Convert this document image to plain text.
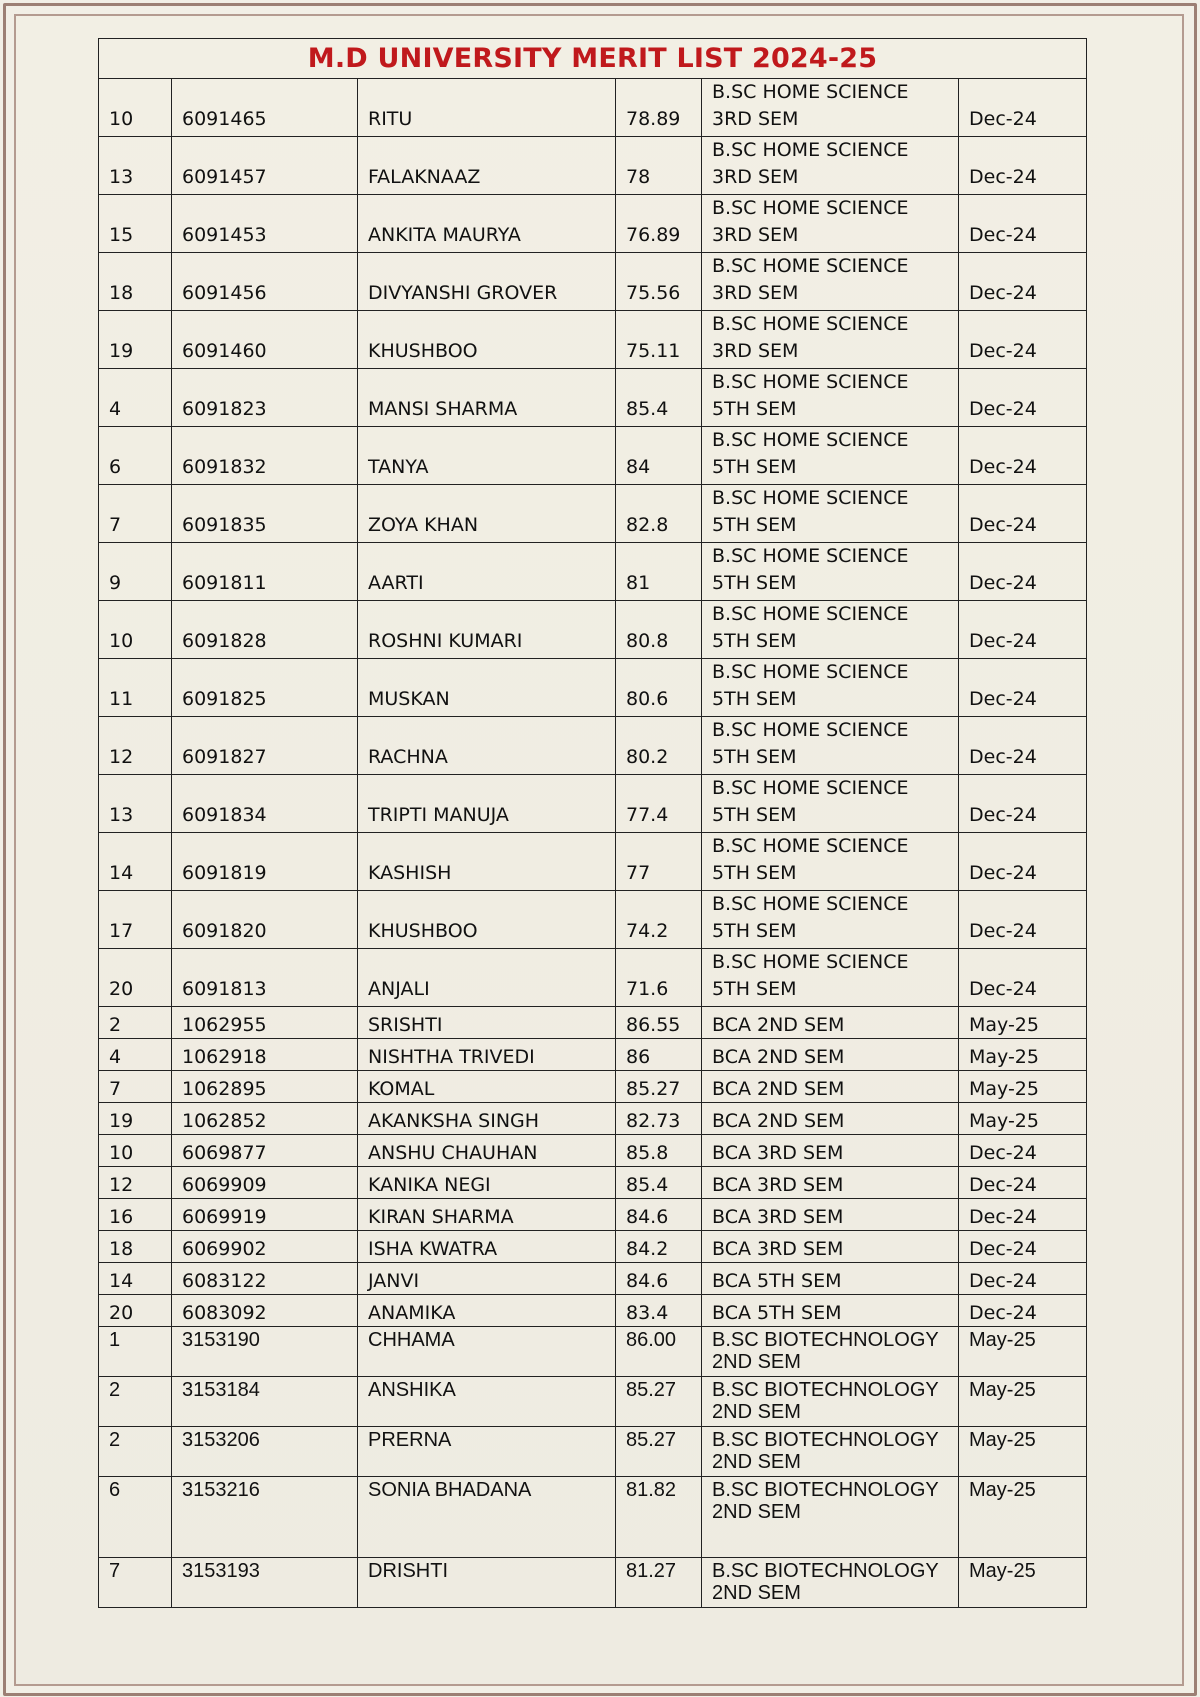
M.D UNIVERSITY MERIT LIST 2024-25					
10	6091465	RITU	78.89	B.SC HOME SCIENCE 3RD SEM	Dec-24
13	6091457	FALAKNAAZ	78	B.SC HOME SCIENCE 3RD SEM	Dec-24
15	6091453	ANKITA MAURYA	76.89	B.SC HOME SCIENCE 3RD SEM	Dec-24
18	6091456	DIVYANSHI GROVER	75.56	B.SC HOME SCIENCE 3RD SEM	Dec-24
19	6091460	KHUSHBOO	75.11	B.SC HOME SCIENCE 3RD SEM	Dec-24
4	6091823	MANSI SHARMA	85.4	B.SC HOME SCIENCE 5TH SEM	Dec-24
6	6091832	TANYA	84	B.SC HOME SCIENCE 5TH SEM	Dec-24
7	6091835	ZOYA KHAN	82.8	B.SC HOME SCIENCE 5TH SEM	Dec-24
9	6091811	AARTI	81	B.SC HOME SCIENCE 5TH SEM	Dec-24
10	6091828	ROSHNI KUMARI	80.8	B.SC HOME SCIENCE 5TH SEM	Dec-24
11	6091825	MUSKAN	80.6	B.SC HOME SCIENCE 5TH SEM	Dec-24
12	6091827	RACHNA	80.2	B.SC HOME SCIENCE 5TH SEM	Dec-24
13	6091834	TRIPTI MANUJA	77.4	B.SC HOME SCIENCE 5TH SEM	Dec-24
14	6091819	KASHISH	77	B.SC HOME SCIENCE 5TH SEM	Dec-24
17	6091820	KHUSHBOO	74.2	B.SC HOME SCIENCE 5TH SEM	Dec-24
20	6091813	ANJALI	71.6	B.SC HOME SCIENCE 5TH SEM	Dec-24
2	1062955	SRISHTI	86.55	BCA 2ND SEM	May-25
4	1062918	NISHTHA TRIVEDI	86	BCA 2ND SEM	May-25
7	1062895	KOMAL	85.27	BCA 2ND SEM	May-25
19	1062852	AKANKSHA SINGH	82.73	BCA 2ND SEM	May-25
10	6069877	ANSHU CHAUHAN	85.8	BCA 3RD SEM	Dec-24
12	6069909	KANIKA NEGI	85.4	BCA 3RD SEM	Dec-24
16	6069919	KIRAN SHARMA	84.6	BCA 3RD SEM	Dec-24
18	6069902	ISHA KWATRA	84.2	BCA 3RD SEM	Dec-24
14	6083122	JANVI	84.6	BCA 5TH SEM	Dec-24
20	6083092	ANAMIKA	83.4	BCA 5TH SEM	Dec-24
1	3153190	CHHAMA	86.00	B.SC BIOTECHNOLOGY 2ND SEM	May-25
2	3153184	ANSHIKA	85.27	B.SC BIOTECHNOLOGY 2ND SEM	May-25
2	3153206	PRERNA	85.27	B.SC BIOTECHNOLOGY 2ND SEM	May-25
6	3153216	SONIA BHADANA	81.82	B.SC BIOTECHNOLOGY 2ND SEM	May-25
7	3153193	DRISHTI	81.27	B.SC BIOTECHNOLOGY 2ND SEM	May-25
